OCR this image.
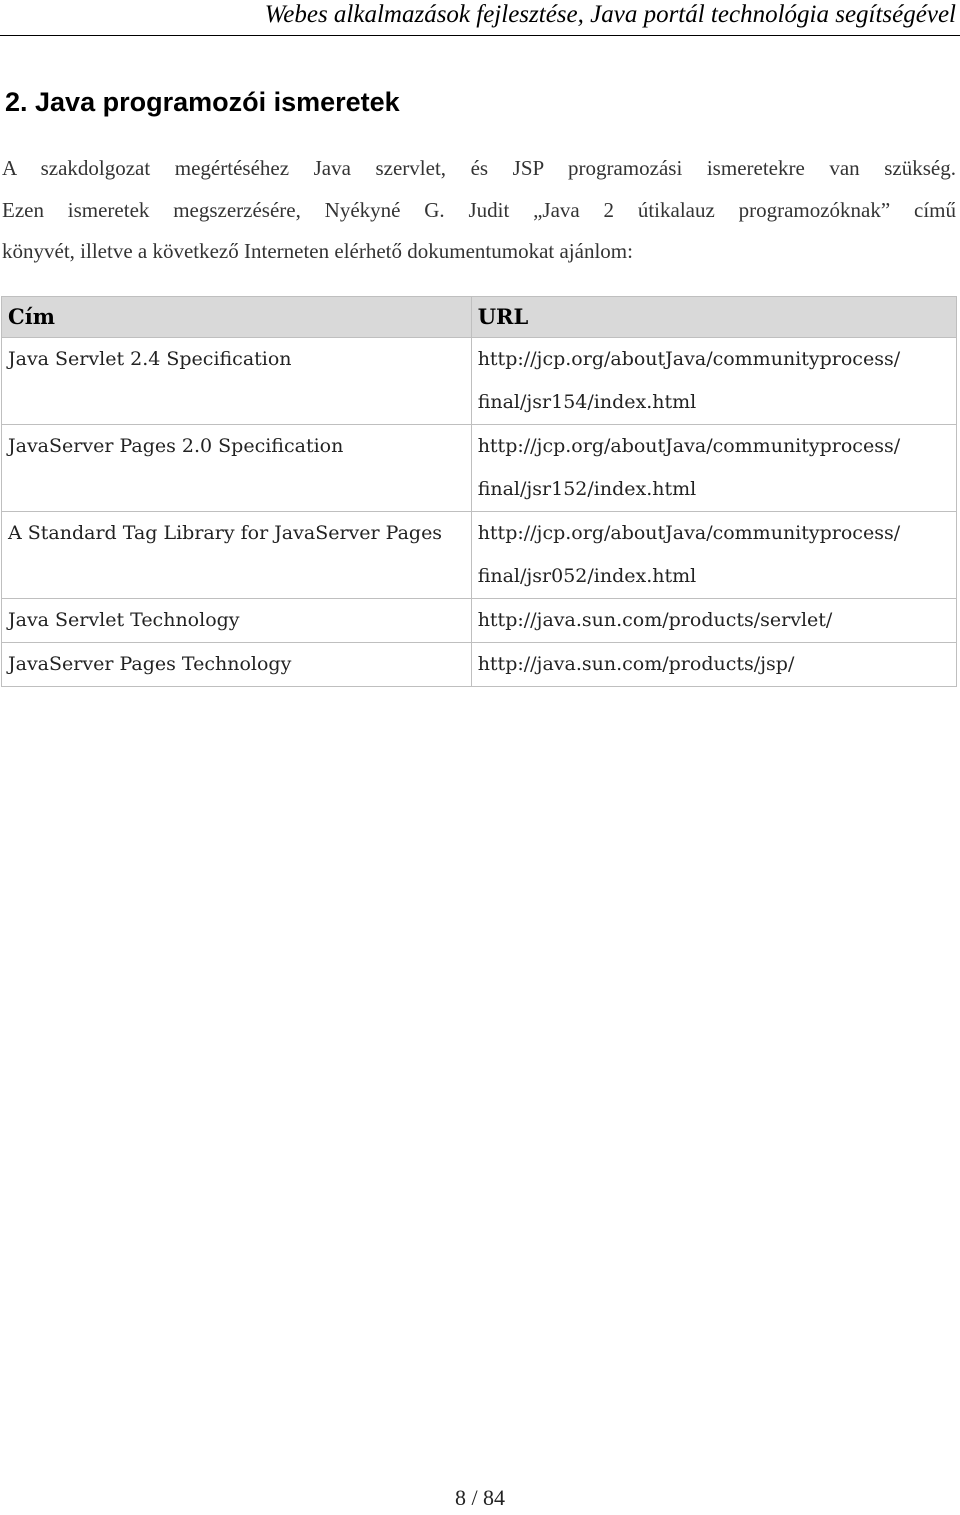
Webes alkalmazások fejlesztése, Java portál technológia segítségével
2. Java programozói ismeretek

A szakdolgozat megértéséhez Java szervlet, és JSP programozási ismeretekre van szükség.
Ezen ismeretek megszerzésére, Nyékyné G. Judit „Java 2 útikalauz programozóknak” című
könyvét, illetve a következő Interneten elérhető dokumentumokat ajánlom:

Cím	URL
Java Servlet 2.4 Specification	http://jcp.org/aboutJava/communityprocess/
final/jsr154/index.html

JavaServer Pages 2.0 Specification	http://jcp.org/aboutJava/communityprocess/
final/jsr152/index.html

A Standard Tag Library for JavaServer Pages	http://jcp.org/aboutJava/communityprocess/
final/jsr052/index.html

Java Servlet Technology	http://java.sun.com/products/servlet/

JavaServer Pages Technology	http://java.sun.com/products/jsp/
8 / 84
